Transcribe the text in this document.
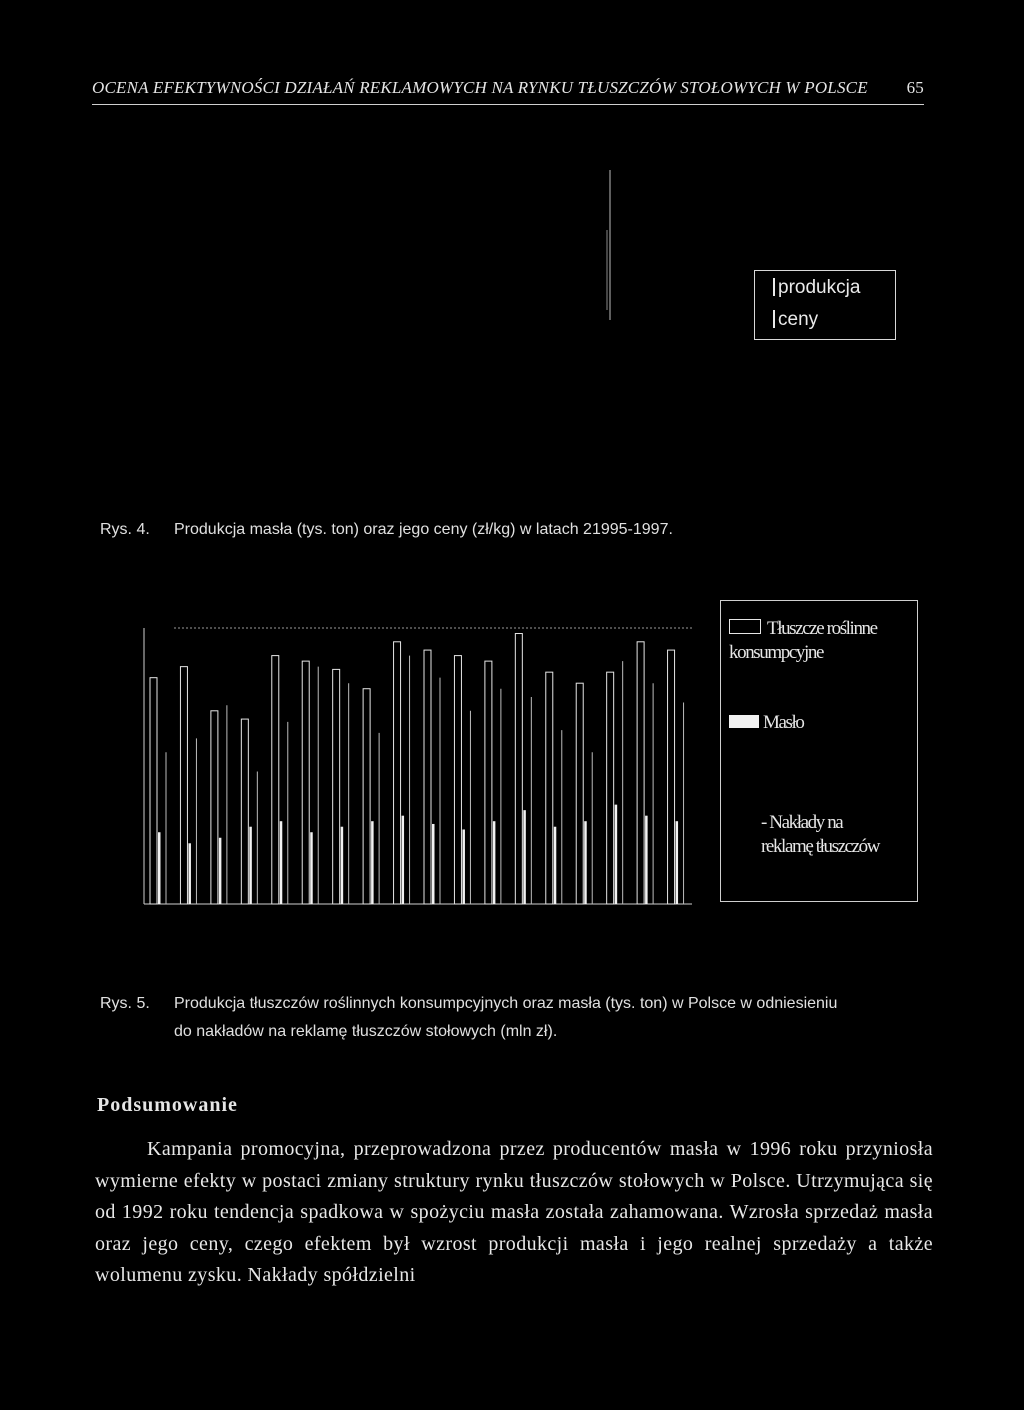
OCENA EFEKTYWNOŚCI DZIAŁAŃ REKLAMOWYCH NA RYNKU TŁUSZCZÓW STOŁOWYCH W POLSCE 65
produkcja
ceny
Rys. 4. Produkcja masła (tys. ton) oraz jego ceny (zł/kg) w latach 21995-1997.
Tłuszcze roślinne konsumpcyjne
Masło
- Nakłady na reklamę tłuszczów
Rys. 5. Produkcja tłuszczów roślinnych konsumpcyjnych oraz masła (tys. ton) w Polsce w odniesieniu
do nakładów na reklamę tłuszczów stołowych (mln zł).
Podsumowanie

Kampania promocyjna, przeprowadzona przez producentów masła w 1996 roku przyniosła wymierne efekty w postaci zmiany struktury rynku tłuszczów stołowych w Polsce. Utrzymująca się od 1992 roku tendencja spadkowa w spożyciu masła została zahamowana. Wzrosła sprzedaż masła oraz jego ceny, czego efektem był wzrost produkcji masła i jego realnej sprzedaży a także wolumenu zysku. Nakłady spółdzielni
